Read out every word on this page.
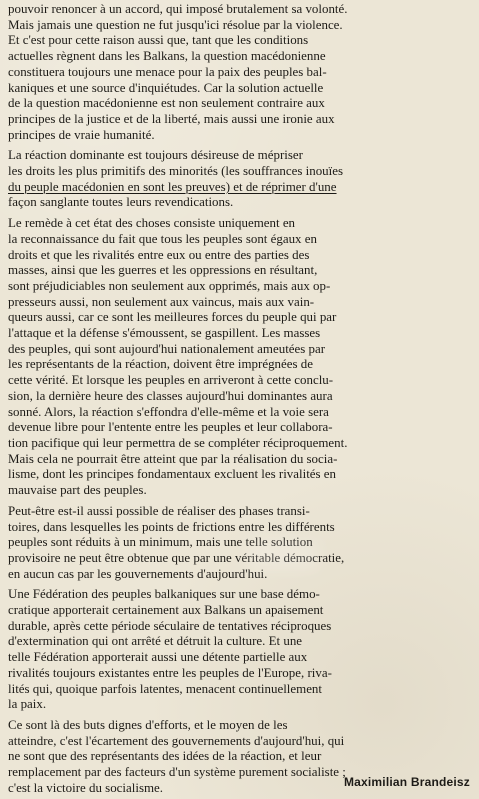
pouvoir renoncer à un accord, qui imposé brutalement sa volonté.
Mais jamais une question ne fut jusqu'ici résolue par la violence.
Et c'est pour cette raison aussi que, tant que les conditions
actuelles règnent dans les Balkans, la question macédonienne
constituera toujours une menace pour la paix des peuples bal-
kaniques et une source d'inquiétudes. Car la solution actuelle
de la question macédonienne est non seulement contraire aux
principes de la justice et de la liberté, mais aussi une ironie aux
principes de vraie humanité.

La réaction dominante est toujours désireuse de mépriser
les droits les plus primitifs des minorités (les souffrances inouïes
du peuple macédonien en sont les preuves) et de réprimer d'une
façon sanglante toutes leurs revendications.

Le remède à cet état des choses consiste uniquement en
la reconnaissance du fait que tous les peuples sont égaux en
droits et que les rivalités entre eux ou entre des parties des
masses, ainsi que les guerres et les oppressions en résultant,
sont préjudiciables non seulement aux opprimés, mais aux op-
presseurs aussi, non seulement aux vaincus, mais aux vain-
queurs aussi, car ce sont les meilleures forces du peuple qui par
l'attaque et la défense s'émoussent, se gaspillent. Les masses
des peuples, qui sont aujourd'hui nationalement ameutées par
les représentants de la réaction, doivent être imprégnées de
cette vérité. Et lorsque les peuples en arriveront à cette conclu-
sion, la dernière heure des classes aujourd'hui dominantes aura
sonné. Alors, la réaction s'effondra d'elle-même et la voie sera
devenue libre pour l'entente entre les peuples et leur collabora-
tion pacifique qui leur permettra de se compléter réciproquement.
Mais cela ne pourrait être atteint que par la réalisation du socia-
lisme, dont les principes fondamentaux excluent les rivalités en
mauvaise part des peuples.

Peut-être est-il aussi possible de réaliser des phases transi-
toires, dans lesquelles les points de frictions entre les différents
peuples sont réduits à un minimum, mais une telle solution
provisoire ne peut être obtenue que par une véritable démocratie,
en aucun cas par les gouvernements d'aujourd'hui.

Une Fédération des peuples balkaniques sur une base démo-
cratique apporterait certainement aux Balkans un apaisement
durable, après cette période séculaire de tentatives réciproques
d'extermination qui ont arrêté et détruit la culture. Et une
telle Fédération apporterait aussi une détente partielle aux
rivalités toujours existantes entre les peuples de l'Europe, riva-
lités qui, quoique parfois latentes, menacent continuellement
la paix.

Ce sont là des buts dignes d'efforts, et le moyen de les
atteindre, c'est l'écartement des gouvernements d'aujourd'hui, qui
ne sont que des représentants des idées de la réaction, et leur
remplacement par des facteurs d'un système purement socialiste ;
c'est la victoire du socialisme.	Maximilian Brandeisz
